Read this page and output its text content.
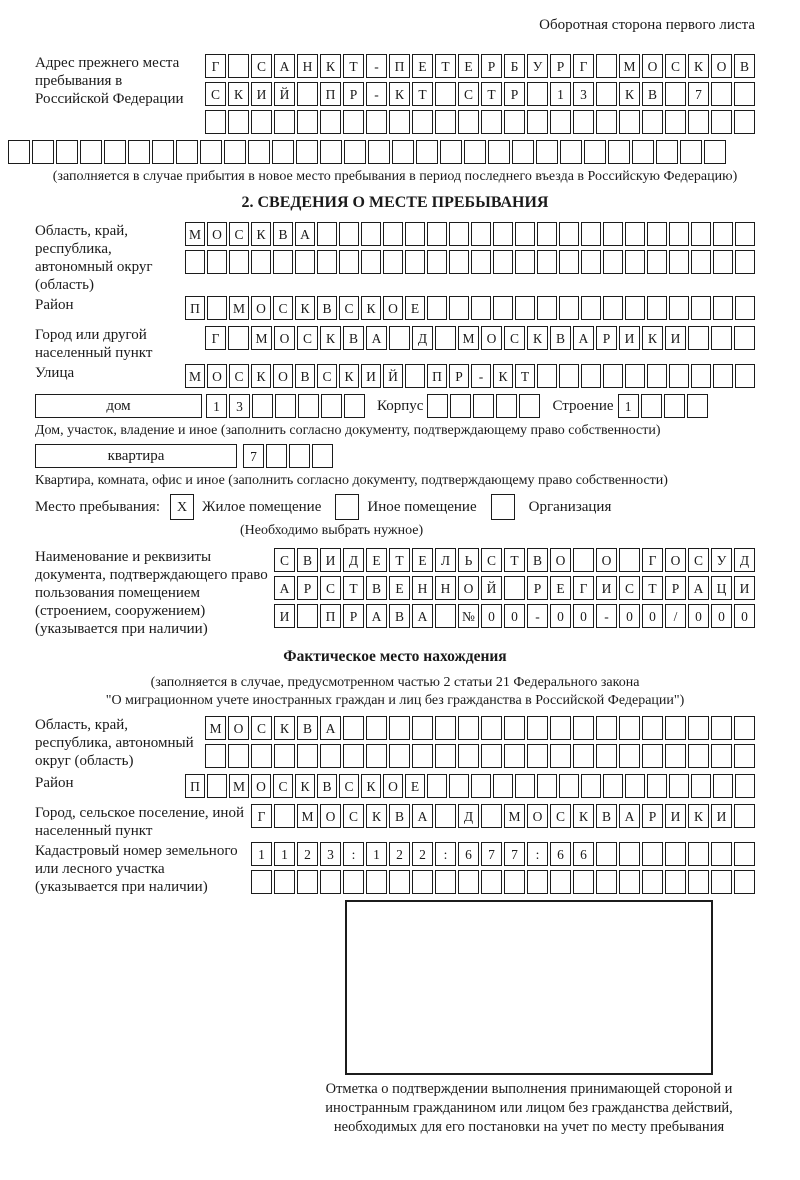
Оборотная сторона первого листа
Адрес прежнего места пребывания в Российской Федерации
Г	С	А Н	К	Т	-	П	Е	Т	Е	Р	Б	У	Р	Г	М О	С	К	О	В
С	К	И Й	П	Р	-	К	Т	С	Т	Р	1	3	К	В	7
(заполняется в случае прибытия в новое место пребывания в период последнего въезда в Российскую Федерацию)
2. СВЕДЕНИЯ О МЕСТЕ ПРЕБЫВАНИЯ
Область, край, республика, автономный округ (область)
М О С К В А
Район	П	М О С К В С К О Е
Город или другой населенный пункт
Г	М О	С	К	В	А	Д	М О	С	К	В	А	Р	И	К	И
Улица	М О С К О В С К И Й	П Р	-	К Т
дом	1	3	Корпус	Строение 1
Дом, участок, владение и иное (заполнить согласно документу, подтверждающему право собственности)
квартира	7
Квартира, комната, офис и иное (заполнить согласно документу, подтверждающему право собственности)
Место пребывания:	X Жилое помещение	Иное помещение	Организация
(Необходимо выбрать нужное)
Наименование и реквизиты документа, подтверждающего право пользования помещением (строением, сооружением) (указывается при наличии)
С	В	И	Д	Е	Т	Е	Л	Ь	С	Т	В	О	О	Г	О	С	У	Д
А	Р	С	Т	В	Е	Н Н О Й	Р	Е	Г	И	С	Т	Р	А Ц И
И	П	Р	А	В	А	№ 0	0	-	0	0	-	0	0	/	0	0	0
Фактическое место нахождения
(заполняется в случае, предусмотренном частью 2 статьи 21 Федерального закона
"О миграционном учете иностранных граждан и лиц без гражданства в Российской Федерации")
Область, край, республика, автономный округ (область)
М О	С	К	В	А
Район	П	М О С К В С К О Е
Город, сельское поселение, иной населенный пункт
Г	М О	С	К	В	А	Д	М О	С	К	В	А	Р	И	К	И
Кадастровый номер земельного или лесного участка (указывается при наличии)
1	1	2	3	:	1	2	2	:	6	7	7	:	6	6
Отметка о подтверждении выполнения принимающей стороной и иностранным гражданином или лицом без гражданства действий, необходимых для его постановки на учет по месту пребывания
